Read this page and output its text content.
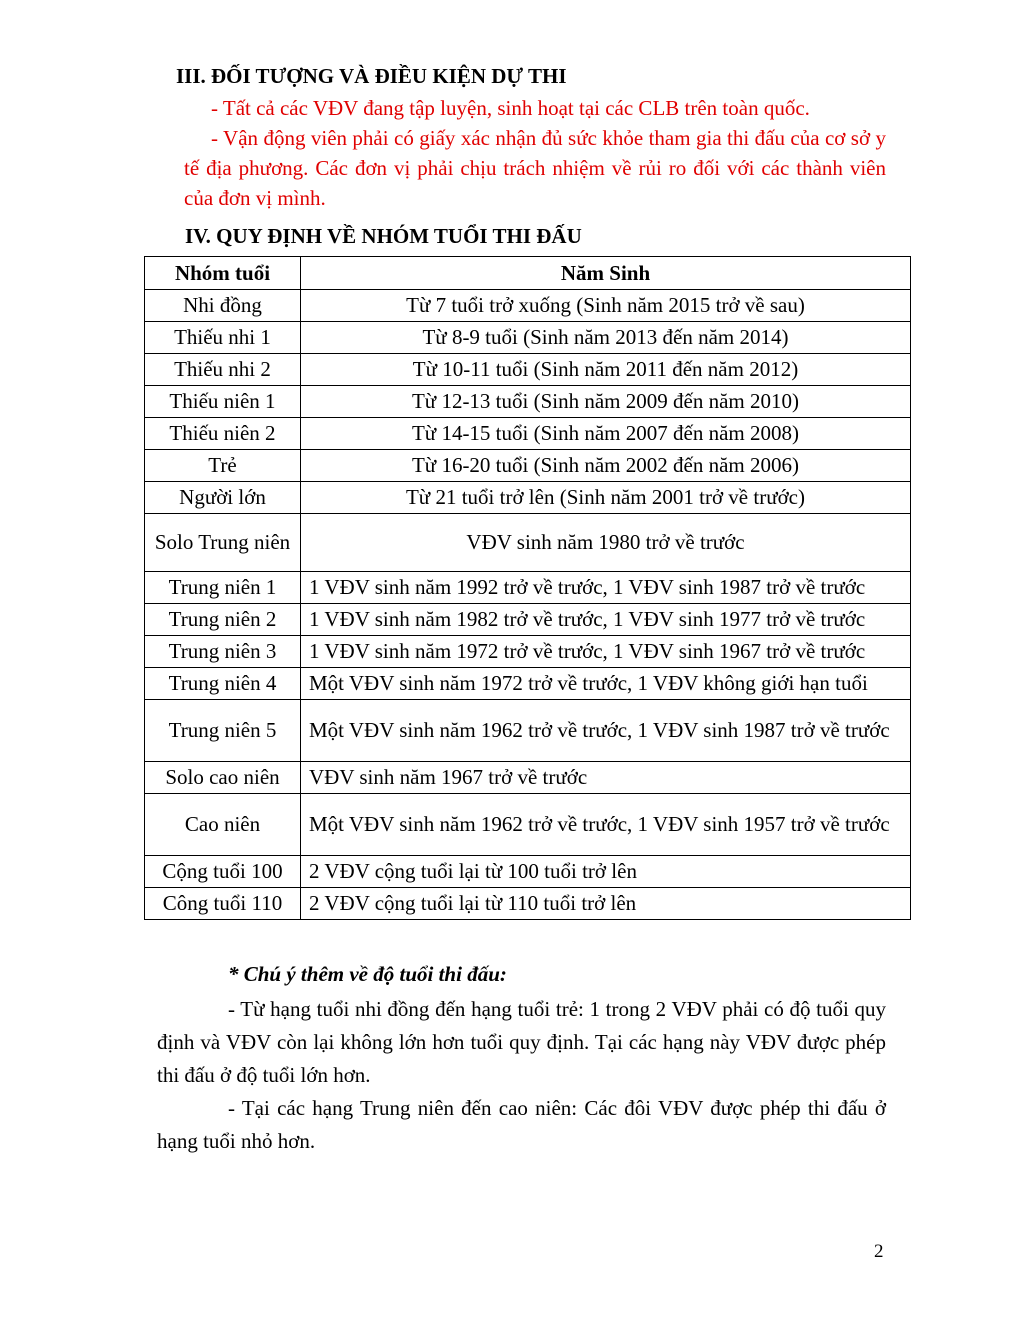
III. ĐỐI TƯỢNG VÀ ĐIỀU KIỆN DỰ THI

- Tất cả các VĐV đang tập luyện, sinh hoạt tại các CLB trên toàn quốc.

- Vận động viên phải có giấy xác nhận đủ sức khỏe tham gia thi đấu của cơ sở y tế địa phương. Các đơn vị phải chịu trách nhiệm về rủi ro đối với các thành viên của đơn vị mình.

IV. QUY ĐỊNH VỀ NHÓM TUỔI THI ĐẤU
Nhóm tuổi	Năm Sinh
Nhi đồng	Từ 7 tuổi trở xuống (Sinh năm 2015 trở về sau)
Thiếu nhi 1	Từ 8-9 tuổi (Sinh năm 2013 đến năm 2014)
Thiếu nhi 2	Từ 10-11 tuổi (Sinh năm 2011 đến năm 2012)
Thiếu niên 1	Từ 12-13 tuổi (Sinh năm 2009 đến năm 2010)
Thiếu niên 2	Từ 14-15 tuổi (Sinh năm 2007 đến năm 2008)
Trẻ	Từ 16-20 tuổi (Sinh năm 2002 đến năm 2006)
Người lớn	Từ 21 tuổi trở lên (Sinh năm 2001 trở về trước)
Solo Trung niên	VĐV sinh năm 1980 trở về trước
Trung niên 1	1 VĐV sinh năm 1992 trở về trước, 1 VĐV sinh 1987 trở về trước
Trung niên 2	1 VĐV sinh năm 1982 trở về trước, 1 VĐV sinh 1977 trở về trước
Trung niên 3	1 VĐV sinh năm 1972 trở về trước, 1 VĐV sinh 1967 trở về trước
Trung niên 4	Một VĐV sinh năm 1972 trở về trước, 1 VĐV không giới hạn tuổi
Trung niên 5	Một VĐV sinh năm 1962 trở về trước, 1 VĐV sinh 1987 trở về trước
Solo cao niên	VĐV sinh năm 1967 trở về trước
Cao niên	Một VĐV sinh năm 1962 trở về trước, 1 VĐV sinh 1957 trở về trước
Cộng tuổi 100	2 VĐV cộng tuổi lại từ 100 tuổi trở lên
Công tuổi 110	2 VĐV cộng tuổi lại từ 110 tuổi trở lên

* Chú ý thêm về độ tuổi thi đấu:

- Từ hạng tuổi nhi đồng đến hạng tuổi trẻ: 1 trong 2 VĐV phải có độ tuổi quy định và VĐV còn lại không lớn hơn tuổi quy định. Tại các hạng này VĐV được phép thi đấu ở độ tuổi lớn hơn.

- Tại các hạng Trung niên đến cao niên: Các đôi VĐV được phép thi đấu ở hạng tuổi nhỏ hơn.

2
